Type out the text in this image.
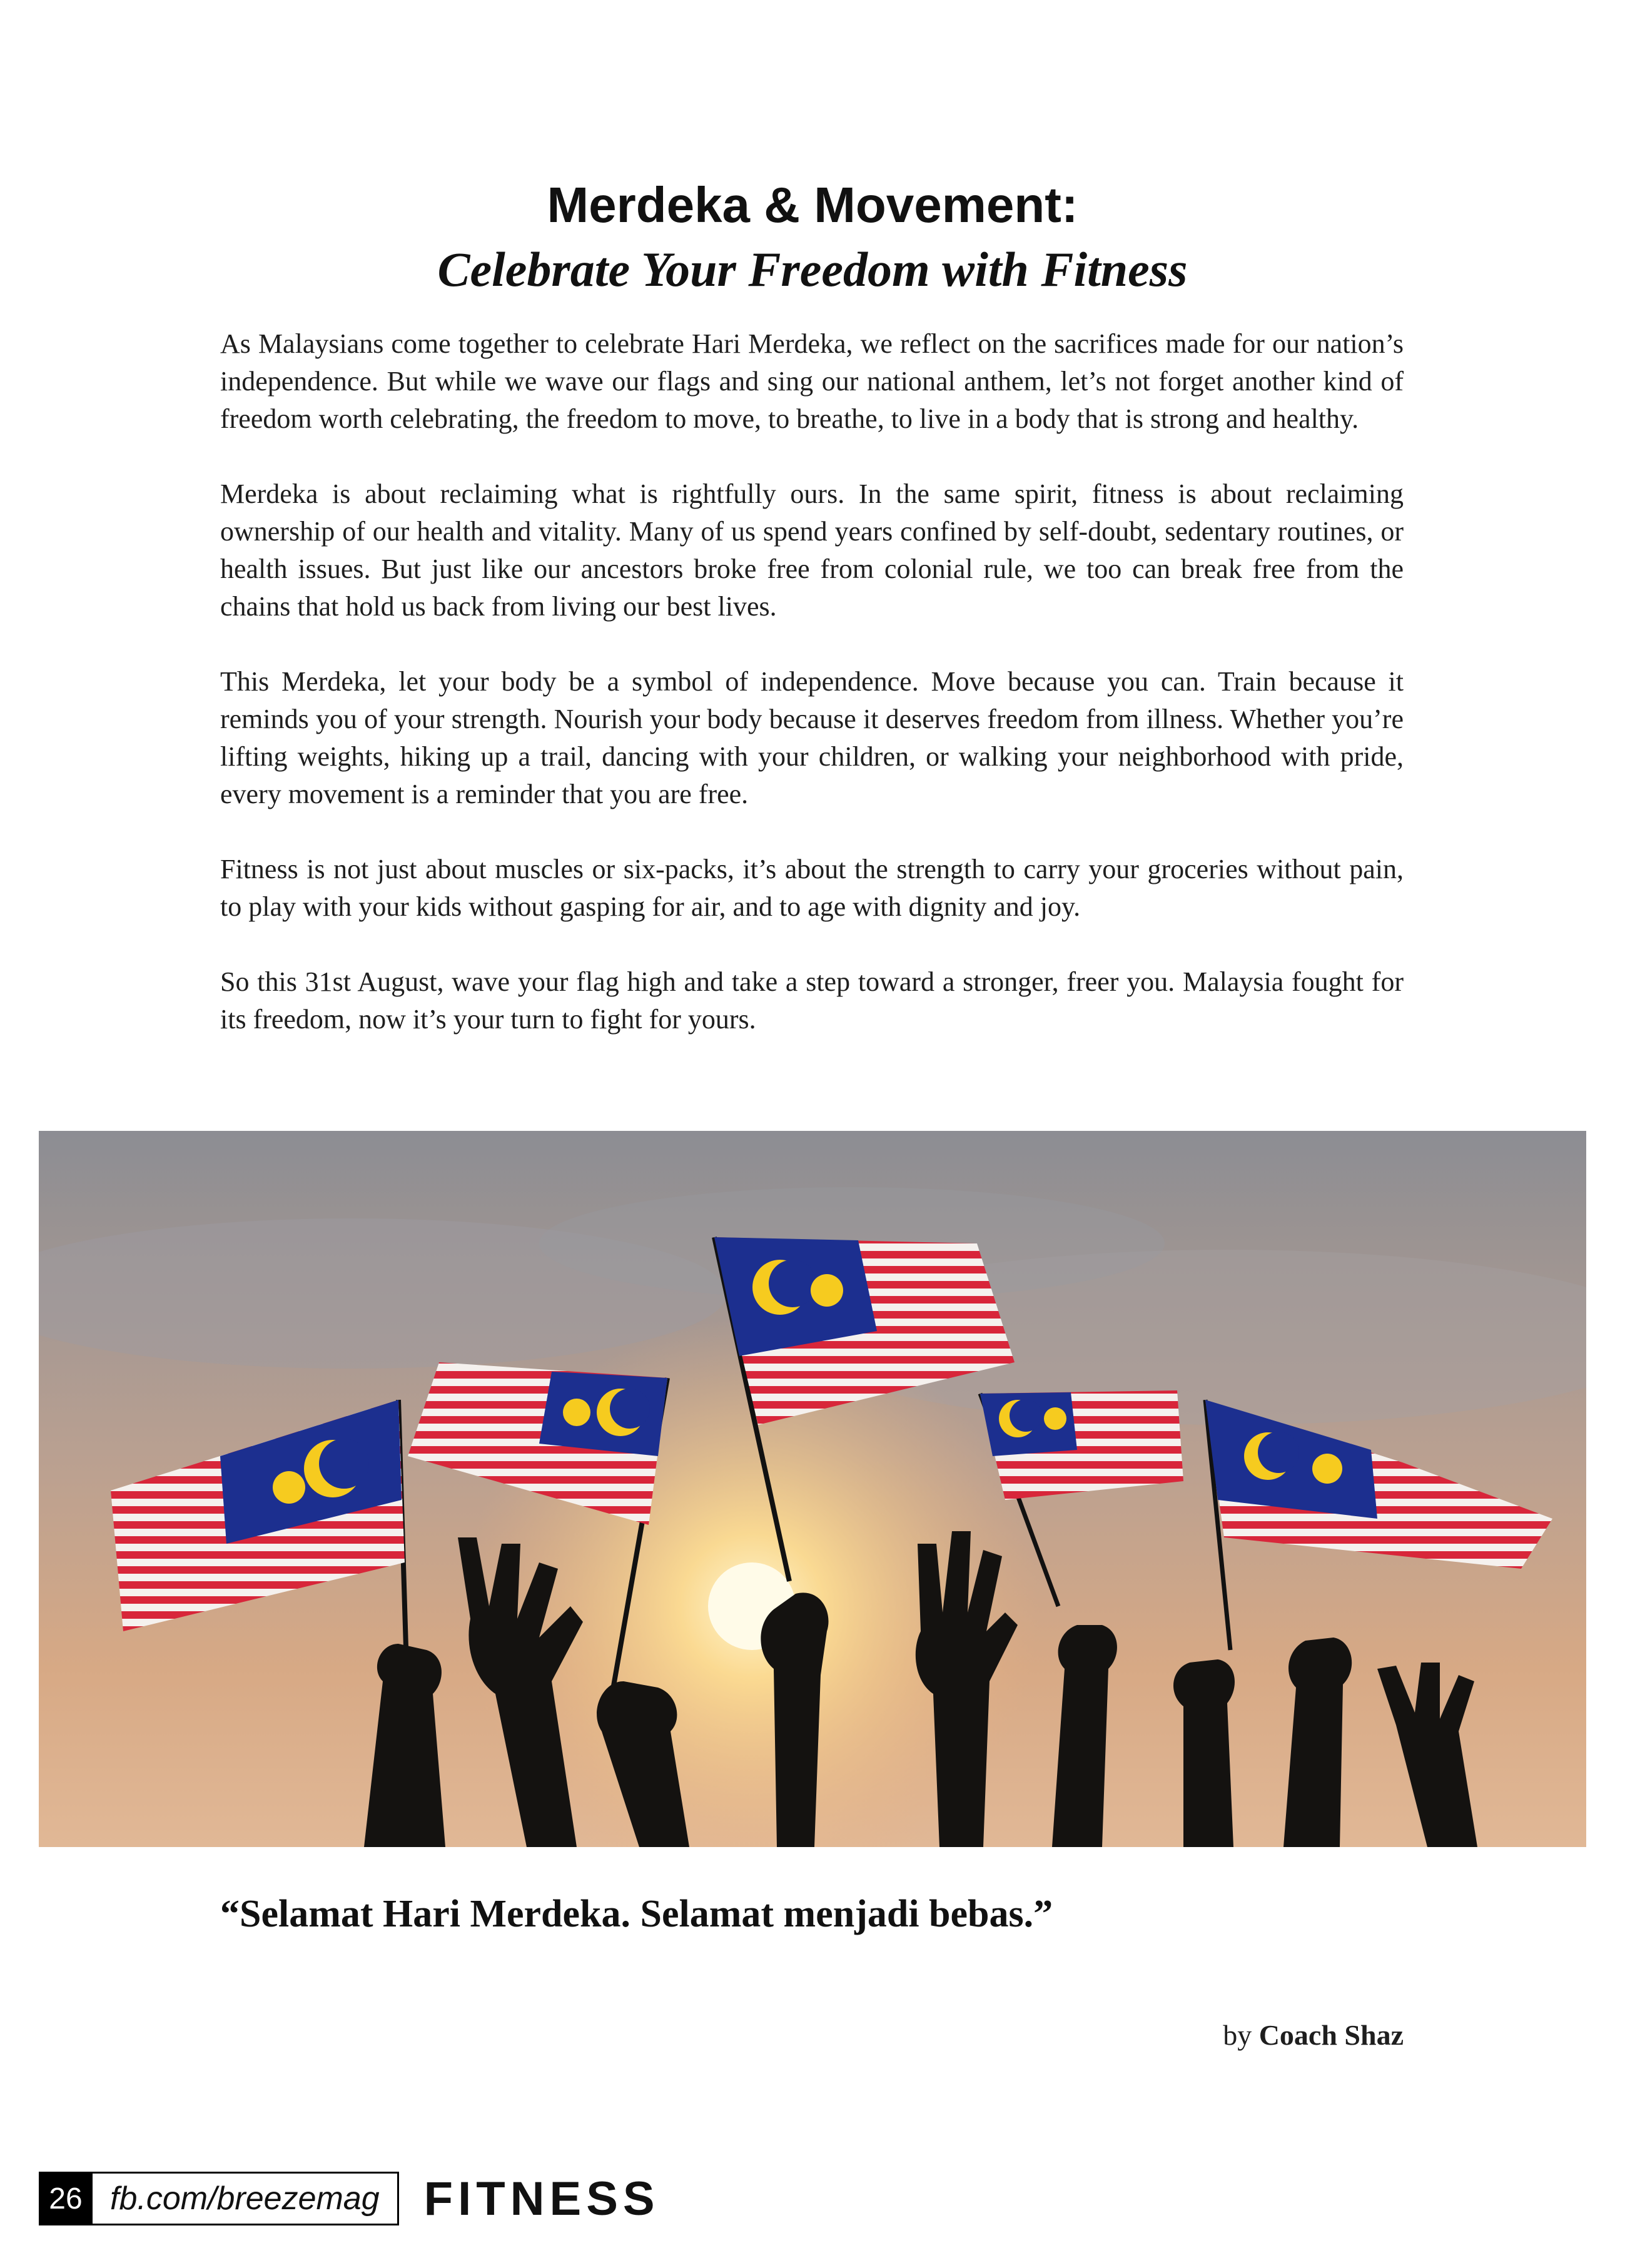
Merdeka & Movement:
Celebrate Your Freedom with Fitness

As Malaysians come together to celebrate Hari Merdeka, we reflect on the sacrifices made for our nation’s independence. But while we wave our flags and sing our national anthem, let’s not forget another kind of freedom worth celebrating, the freedom to move, to breathe, to live in a body that is strong and healthy.

Merdeka is about reclaiming what is rightfully ours. In the same spirit, fitness is about reclaiming ownership of our health and vitality. Many of us spend years confined by self-doubt, sedentary routines, or health issues. But just like our ancestors broke free from colonial rule, we too can break free from the chains that hold us back from living our best lives.

This Merdeka, let your body be a symbol of independence. Move because you can. Train because it reminds you of your strength. Nourish your body because it deserves freedom from illness. Whether you’re lifting weights, hiking up a trail, dancing with your children, or walking your neighborhood with pride, every movement is a reminder that you are free.

Fitness is not just about muscles or six-packs, it’s about the strength to carry your groceries without pain, to play with your kids without gasping for air, and to age with dignity and joy.

So this 31st August, wave your flag high and take a step toward a stronger, freer you. Malaysia fought for its freedom, now it’s your turn to fight for yours.

“Selamat Hari Merdeka. Selamat menjadi bebas.”

by Coach Shaz

26 fb.com/breezemag FITNESS
